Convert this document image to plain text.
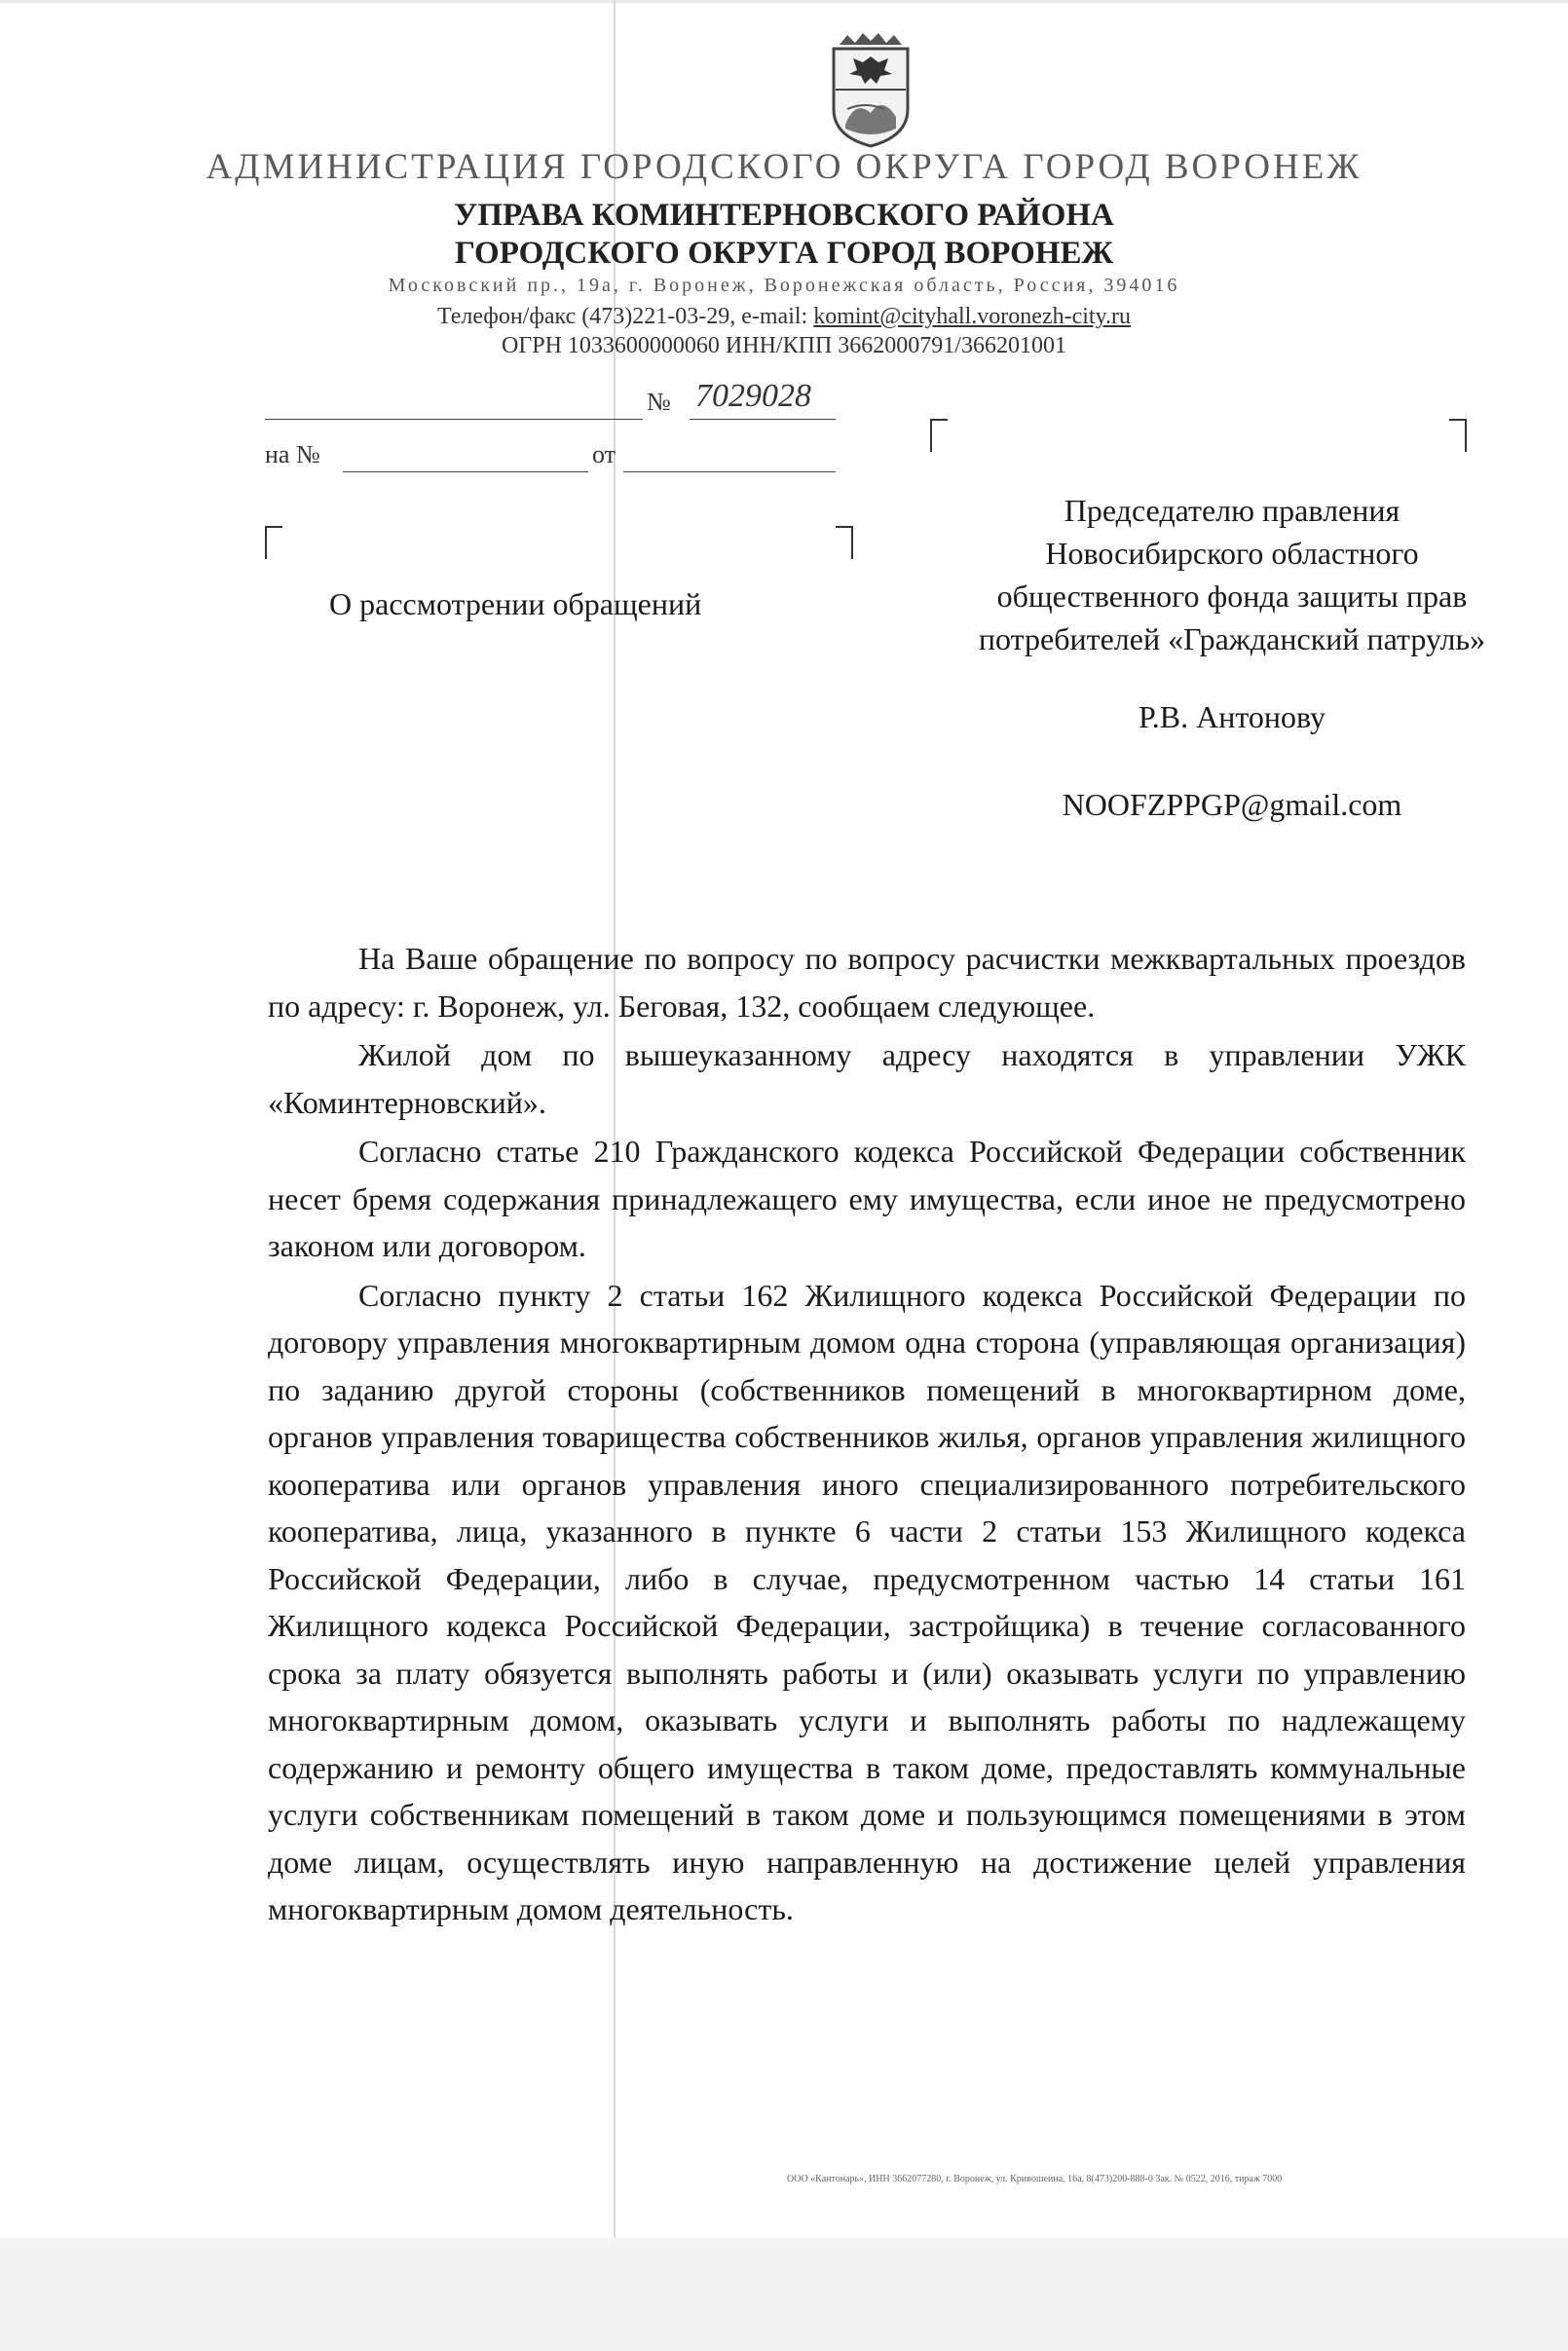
АДМИНИСТРАЦИЯ ГОРОДСКОГО ОКРУГА ГОРОД ВОРОНЕЖ
УПРАВА КОМИНТЕРНОВСКОГО РАЙОНА
ГОРОДСКОГО ОКРУГА ГОРОД ВОРОНЕЖ
Московский пр., 19а, г. Воронеж, Воронежская область, Россия, 394016
Телефон/факс (473)221-03-29, e-mail: komint@cityhall.voronezh-city.ru
ОГРН 1033600000060 ИНН/КПП 3662000791/366201001
№ 7029028
на №	от
О рассмотрении обращений
Председателю правления
Новосибирского областного
общественного фонда защиты прав
потребителей «Гражданский патруль»
Р.В. Антонову
NOOFZPPGP@gmail.com

На Ваше обращение по вопросу по вопросу расчистки межквартальных проездов по адресу: г. Воронеж, ул. Беговая, 132, сообщаем следующее.

Жилой дом по вышеуказанному адресу находятся в управлении УЖК «Коминтерновский».

Согласно статье 210 Гражданского кодекса Российской Федерации собственник несет бремя содержания принадлежащего ему имущества, если иное не предусмотрено законом или договором.

Согласно пункту 2 статьи 162 Жилищного кодекса Российской Федерации по договору управления многоквартирным домом одна сторона (управляющая организация) по заданию другой стороны (собственников помещений в многоквартирном доме, органов управления товарищества собственников жилья, органов управления жилищного кооператива или органов управления иного специализированного потребительского кооператива, лица, указанного в пункте 6 части 2 статьи 153 Жилищного кодекса Российской Федерации, либо в случае, предусмотренном частью 14 статьи 161 Жилищного кодекса Российской Федерации, застройщика) в течение согласованного срока за плату обязуется выполнять работы и (или) оказывать услуги по управлению многоквартирным домом, оказывать услуги и выполнять работы по надлежащему содержанию и ремонту общего имущества в таком доме, предоставлять коммунальные услуги собственникам помещений в таком доме и пользующимся помещениями в этом доме лицам, осуществлять иную направленную на достижение целей управления многоквартирным домом деятельность.

ООО «Кантонарь», ИНН 3662077280, г. Воронеж, ул. Кривошеина, 16а, 8(473)200-888-0 Зак. № 0522, 2016, тираж 7000
